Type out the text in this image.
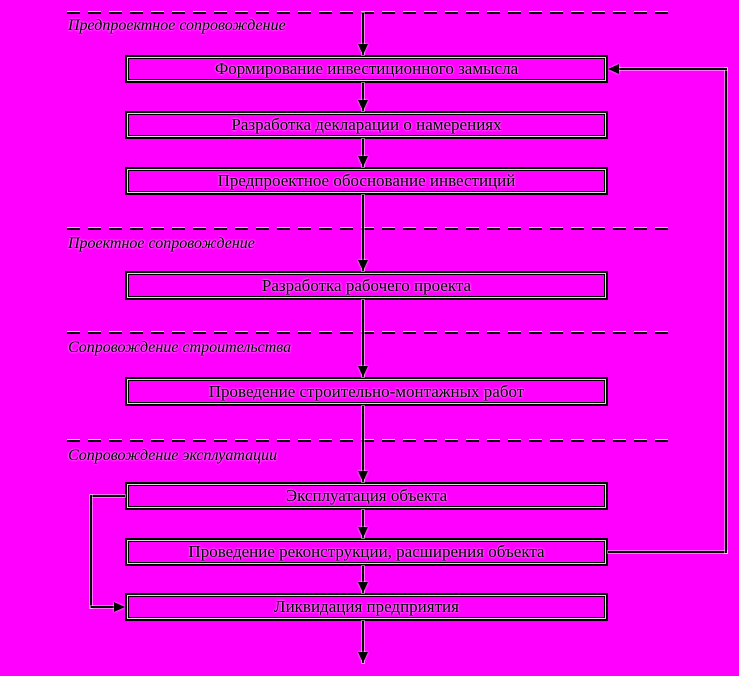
Предпроектное сопровождение
Проектное сопровождение
Сопровождение строительства
Сопровождение эксплуатации
Формирование инвестиционного замысла
Разработка декларации о намерениях
Предпроектное обоснование инвестиций
Разработка рабочего проекта
Проведение строительно-монтажных работ
Эксплуатация объекта
Проведение реконструкции, расширения объекта
Ликвидация предприятия
